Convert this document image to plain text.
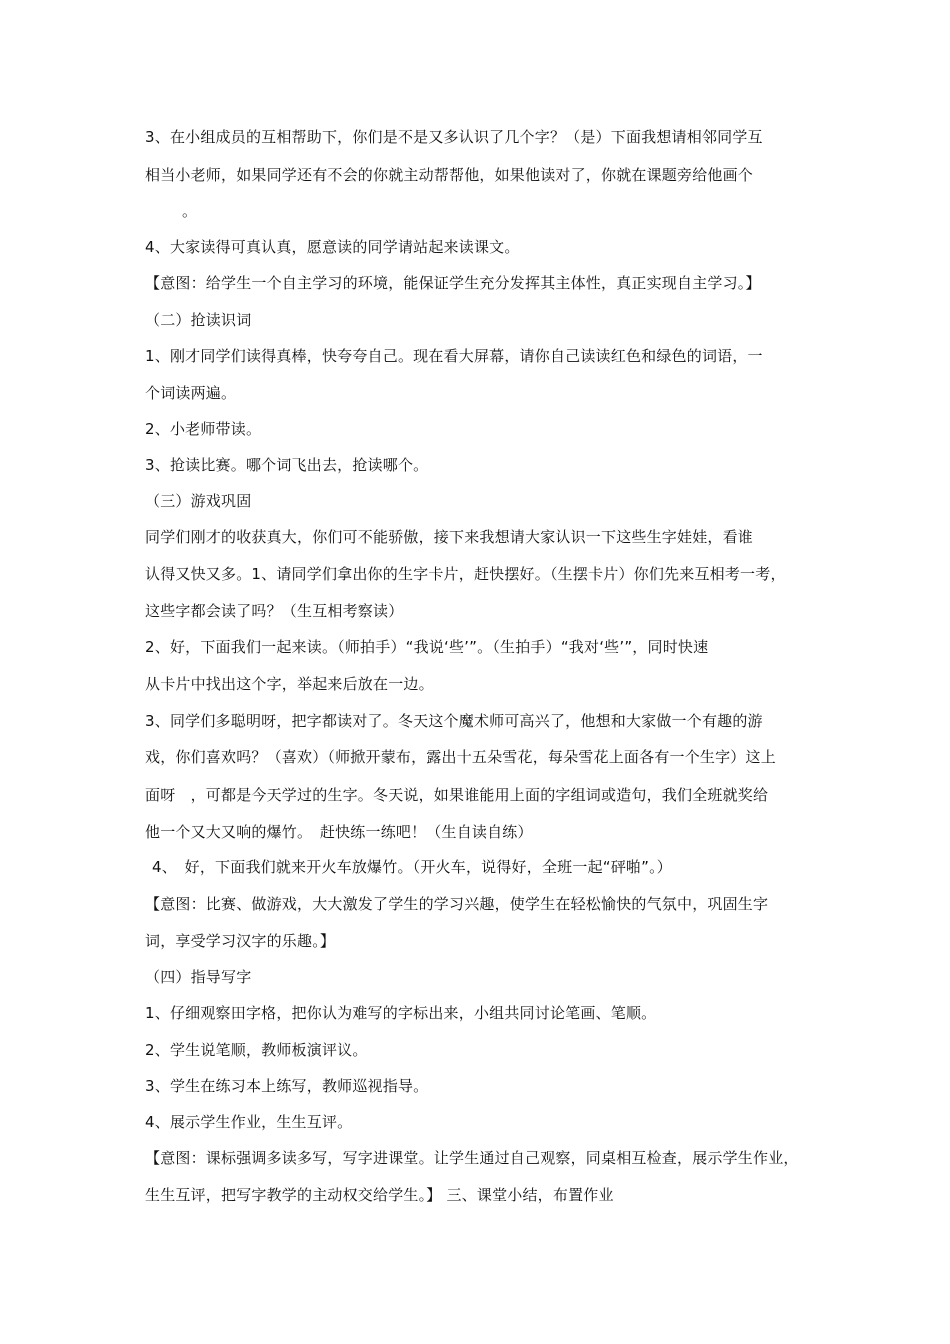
3、在小组成员的互相帮助下，你们是不是又多认识了几个字？（是）下面我想请相邻同学互
相当小老师，如果同学还有不会的你就主动帮帮他，如果他读对了，你就在课题旁给他画个
。
4、大家读得可真认真，愿意读的同学请站起来读课文。
【意图：给学生一个自主学习的环境，能保证学生充分发挥其主体性，真正实现自主学习。】
（二）抢读识词
1、刚才同学们读得真棒，快夸夸自己。现在看大屏幕，请你自己读读红色和绿色的词语，一
个词读两遍。
2、小老师带读。
3、抢读比赛。哪个词飞出去，抢读哪个。
（三）游戏巩固
同学们刚才的收获真大，你们可不能骄傲，接下来我想请大家认识一下这些生字娃娃，看谁
认得又快又多。1、请同学们拿出你的生字卡片，赶快摆好。（生摆卡片）你们先来互相考一考，
这些字都会读了吗？（生互相考察读）
2、好，下面我们一起来读。（师拍手）“我说‘些’”。（生拍手）“我对‘些’”，同时快速
从卡片中找出这个字，举起来后放在一边。
3、同学们多聪明呀，把字都读对了。冬天这个魔术师可高兴了，他想和大家做一个有趣的游
戏，你们喜欢吗？（喜欢）（师掀开蒙布，露出十五朵雪花，每朵雪花上面各有一个生字）这上
面呀　，可都是今天学过的生字。冬天说，如果谁能用上面的字组词或造句，我们全班就奖给
他一个又大又响的爆竹。　赶快练一练吧！（生自读自练）
4、　好，下面我们就来开火车放爆竹。（开火车，说得好，全班一起“砰啪”。）
【意图：比赛、做游戏，大大激发了学生的学习兴趣，使学生在轻松愉快的气氛中，巩固生字
词，享受学习汉字的乐趣。】
（四）指导写字
1、仔细观察田字格，把你认为难写的字标出来，小组共同讨论笔画、笔顺。
2、学生说笔顺，教师板演评议。
3、学生在练习本上练写，教师巡视指导。
4、展示学生作业，生生互评。
【意图：课标强调多读多写，写字进课堂。让学生通过自己观察，同桌相互检查，展示学生作业，
生生互评，把写字教学的主动权交给学生。】 三、课堂小结，布置作业
